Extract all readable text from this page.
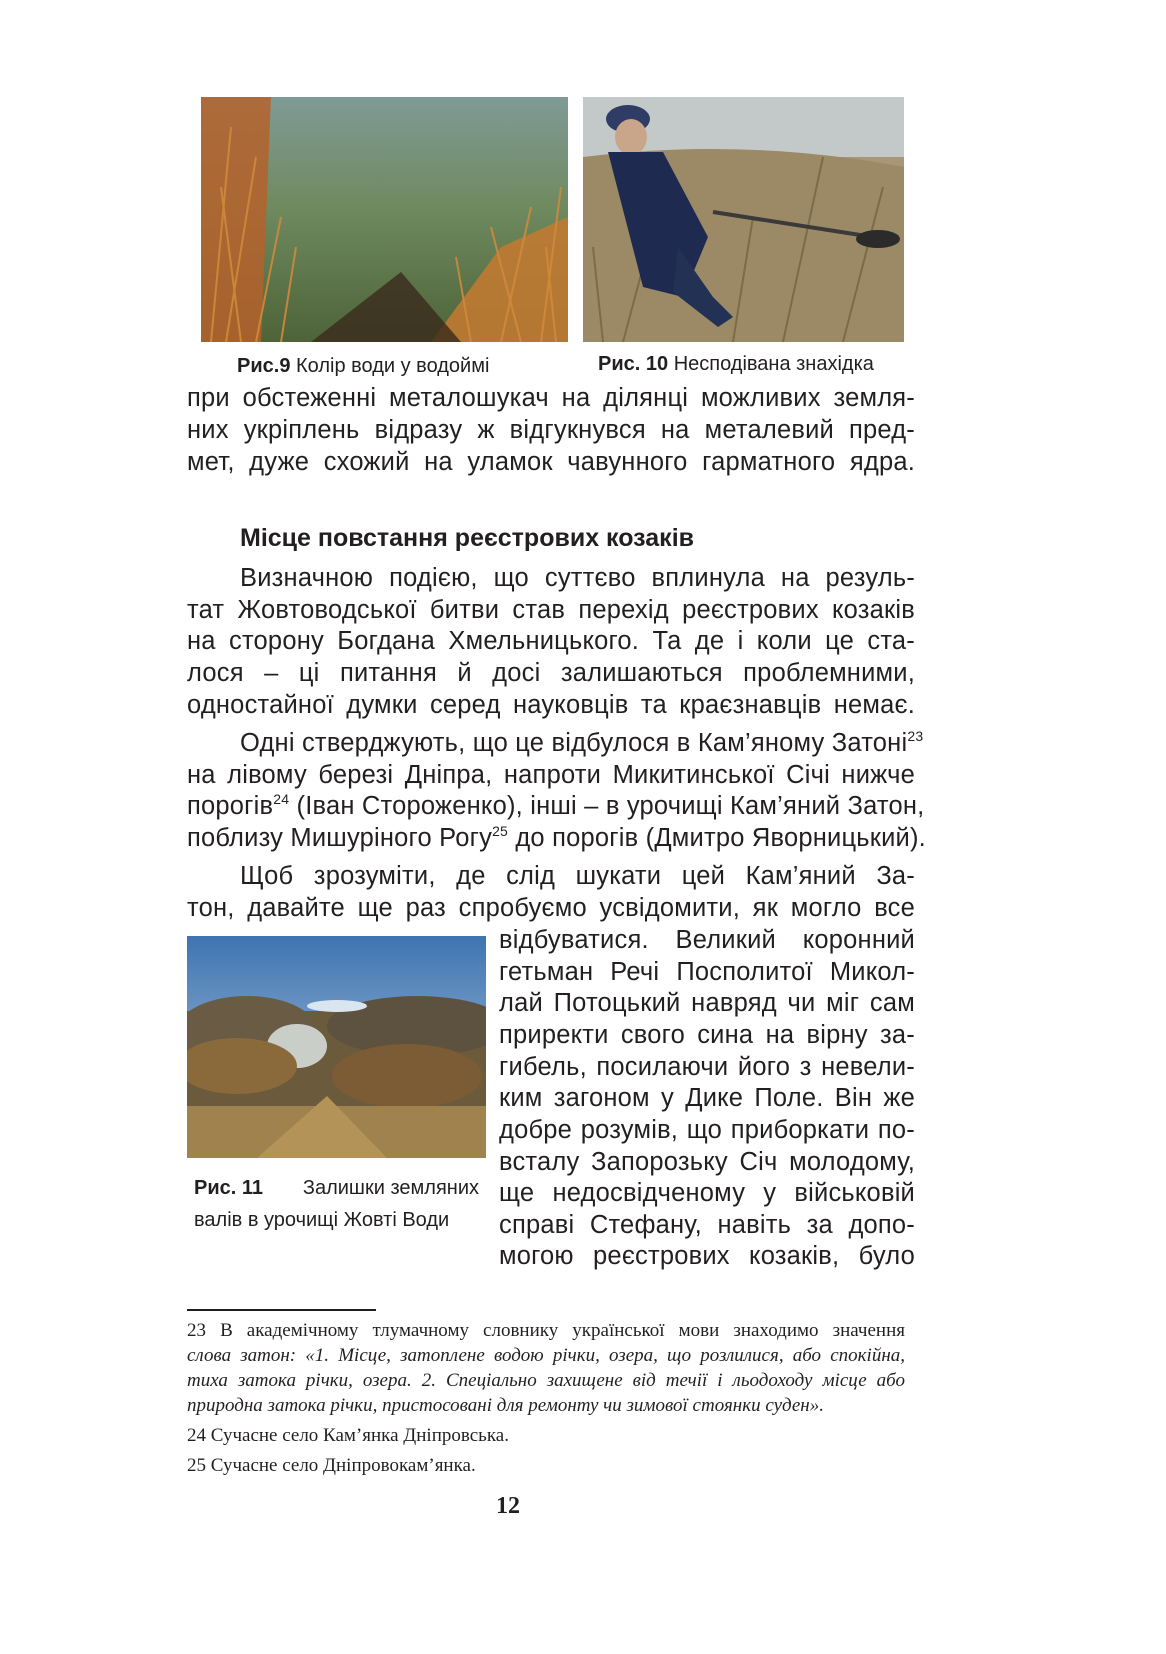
Рис.9 Колір води у водоймі	Рис. 10 Несподівана знахідка
при обстеженні металошукач на ділянці можливих земля-
них укріплень відразу ж відгукнувся на металевий пред-
мет, дуже схожий на уламок чавунного гарматного ядра.
Місце повстання реєстрових козаків
Визначною подією, що суттєво вплинула на резуль-
тат Жовтоводської битви став перехід реєстрових козаків
на сторону Богдана Хмельницького. Та де і коли це ста-
лося – ці питання й досі залишаються проблемними,
одностайної думки серед науковців та краєзнавців немає.
Одні стверджують, що це відбулося в Кам’яному Затоні$^{23}$
на лівому березі Дніпра, напроти Микитинської Січі нижче
порогів$^{24}$ (Іван Стороженко), інші – в урочищі Кам’яний Затон,
поблизу Мишуріного Рогу$^{25}$ до порогів (Дмитро Яворницький).
Щоб зрозуміти, де слід шукати цей Кам’яний За-
тон, давайте ще раз спробуємо усвідомити, як могло все
Рис. 11 Залишки земляних
валів в урочищі Жовті Води
відбуватися. Великий коронний
гетьман Речі Посполитої Микол-
лай Потоцький навряд чи міг сам
приректи свого сина на вірну за-
гибель, посилаючи його з невели-
ким загоном у Дике Поле. Він же
добре розумів, що приборкати по-
всталу Запорозьку Січ молодому,
ще недосвідченому у військовій
справі Стефану, навіть за допо-
могою реєстрових козаків, було
23 В академічному тлумачному словнику української мови знаходимо значення
слова затон: «1. Місце, затоплене водою річки, озера, що розлилися, або спокійна,
тиха затока річки, озера. 2. Спеціально захищене від течії і льодоходу місце або
природна затока річки, пристосовані для ремонту чи зимової стоянки суден».
24 Сучасне село Кам’янка Дніпровська.
25 Сучасне село Дніпровокам’янка.
12
